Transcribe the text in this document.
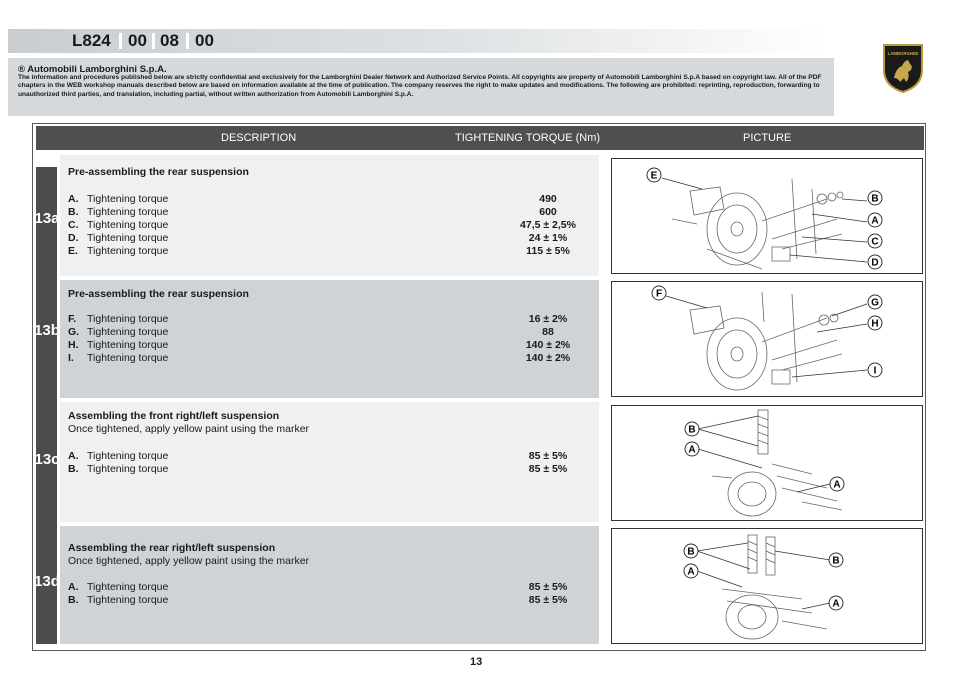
L824 00 08 00
LAMBORGHINI
® Automobili Lamborghini S.p.A.
The information and procedures published below are strictly confidential and exclusively for the Lamborghini Dealer Network and Authorized Service Points. All copyrights are property of Automobili Lamborghini S.p.A based on copyright law. All of the PDF chapters in the WEB workshop manuals described below are based on information available at the time of publication. The company reserves the right to make updates and modifications. The following are prohibited: reprinting, reproduction, forwarding to unauthorized third parties, and translation, including partial, without written authorization from Automobili Lamborghini S.p.A.
DESCRIPTION	TIGHTENING TORQUE (Nm)	PICTURE
13a
13b
13c
13d
Pre-assembling the rear suspension
A. Tightening torque	490
B. Tightening torque	600
C. Tightening torque	47,5 ± 2,5%
D. Tightening torque	24 ± 1%
E. Tightening torque	115 ± 5%
Pre-assembling the rear suspension
F. Tightening torque	16 ± 2%
G. Tightening torque	88
H. Tightening torque	140 ± 2%
I. Tightening torque	140 ± 2%
Assembling the front right/left suspension
Once tightened, apply yellow paint using the marker
A. Tightening torque	85 ± 5%
B. Tightening torque	85 ± 5%
Assembling the rear right/left suspension
Once tightened, apply yellow paint using the marker
A. Tightening torque	85 ± 5%
B. Tightening torque	85 ± 5%
E
B
A
C
D
F
G
H
I
B
A
A
B
B
A
A
13
